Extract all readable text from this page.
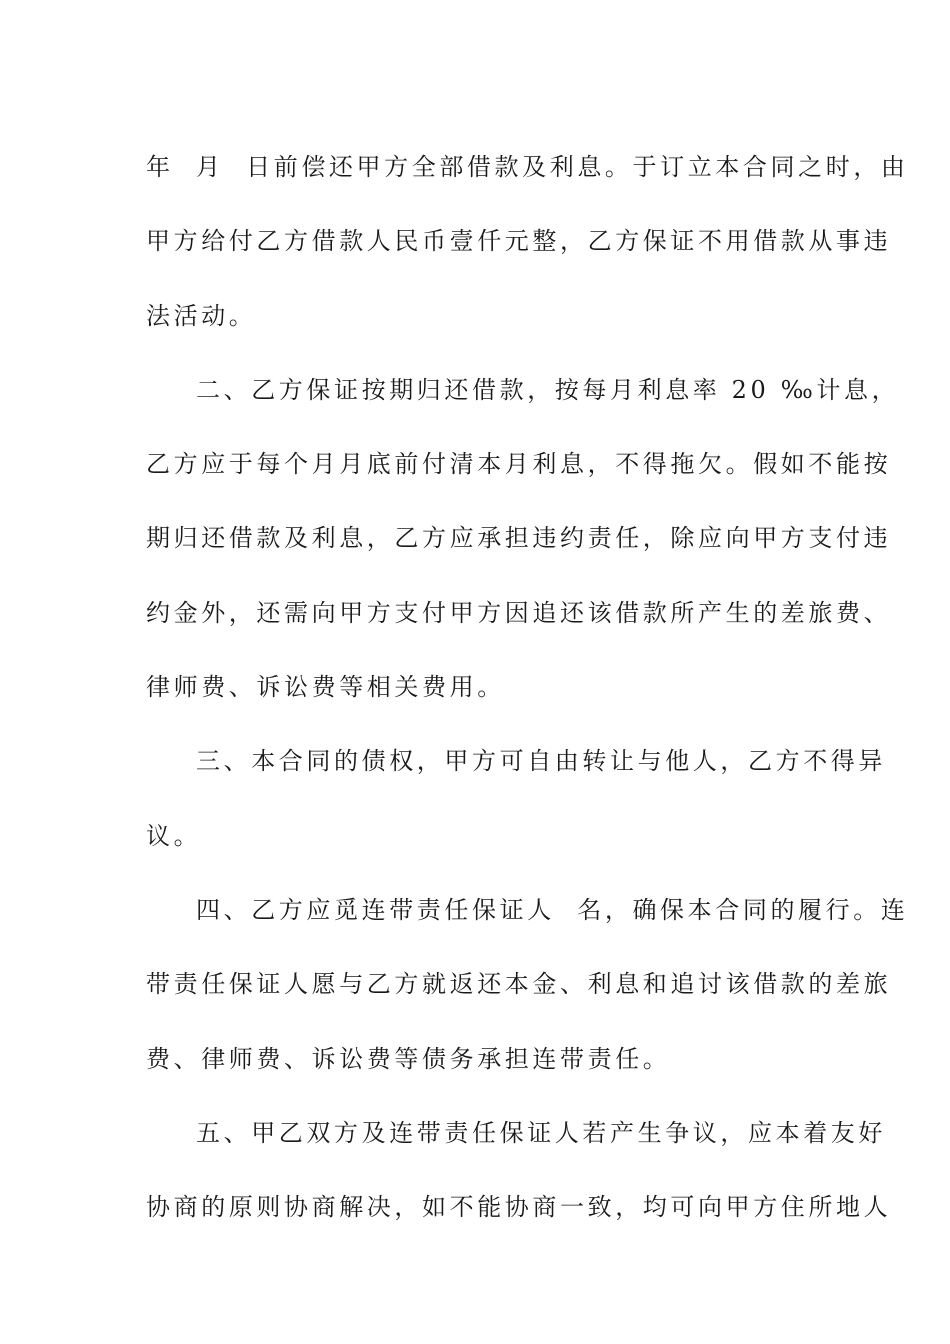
年  月  日前偿还甲方全部借款及利息。于订立本合同之时，由
甲方给付乙方借款人民币壹仟元整，乙方保证不用借款从事违
法活动。
二、乙方保证按期归还借款，按每月利息率 20 ‰计息，
乙方应于每个月月底前付清本月利息，不得拖欠。假如不能按
期归还借款及利息，乙方应承担违约责任，除应向甲方支付违
约金外，还需向甲方支付甲方因追还该借款所产生的差旅费、
律师费、诉讼费等相关费用。
三、本合同的债权，甲方可自由转让与他人，乙方不得异
议。
四、乙方应觅连带责任保证人  名，确保本合同的履行。连
带责任保证人愿与乙方就返还本金、利息和追讨该借款的差旅
费、律师费、诉讼费等债务承担连带责任。
五、甲乙双方及连带责任保证人若产生争议，应本着友好
协商的原则协商解决，如不能协商一致，均可向甲方住所地人
